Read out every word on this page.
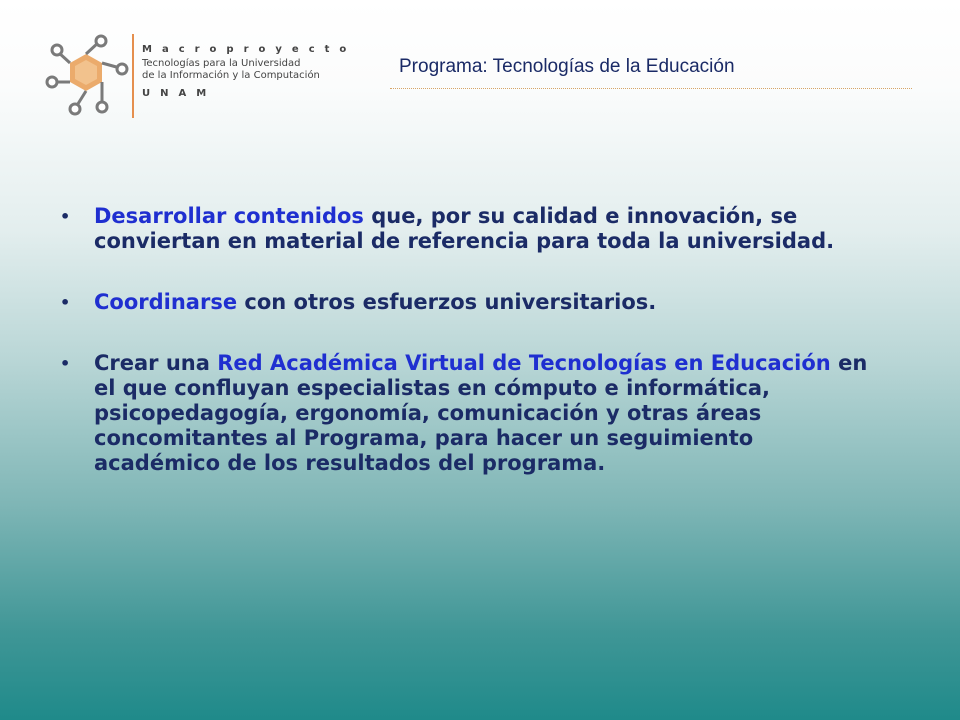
Macroproyecto
Tecnologías para la Universidad
de la Información y la Computación
UNAM
Programa: Tecnologías de la Educación
• Desarrollar contenidos que, por su calidad e innovación, se conviertan en material de referencia para toda la universidad.
• Coordinarse con otros esfuerzos universitarios.
• Crear una Red Académica Virtual de Tecnologías en Educación en el que confluyan especialistas en cómputo e informática, psicopedagogía, ergonomía, comunicación y otras áreas concomitantes al Programa, para hacer un seguimiento académico de los resultados del programa.
